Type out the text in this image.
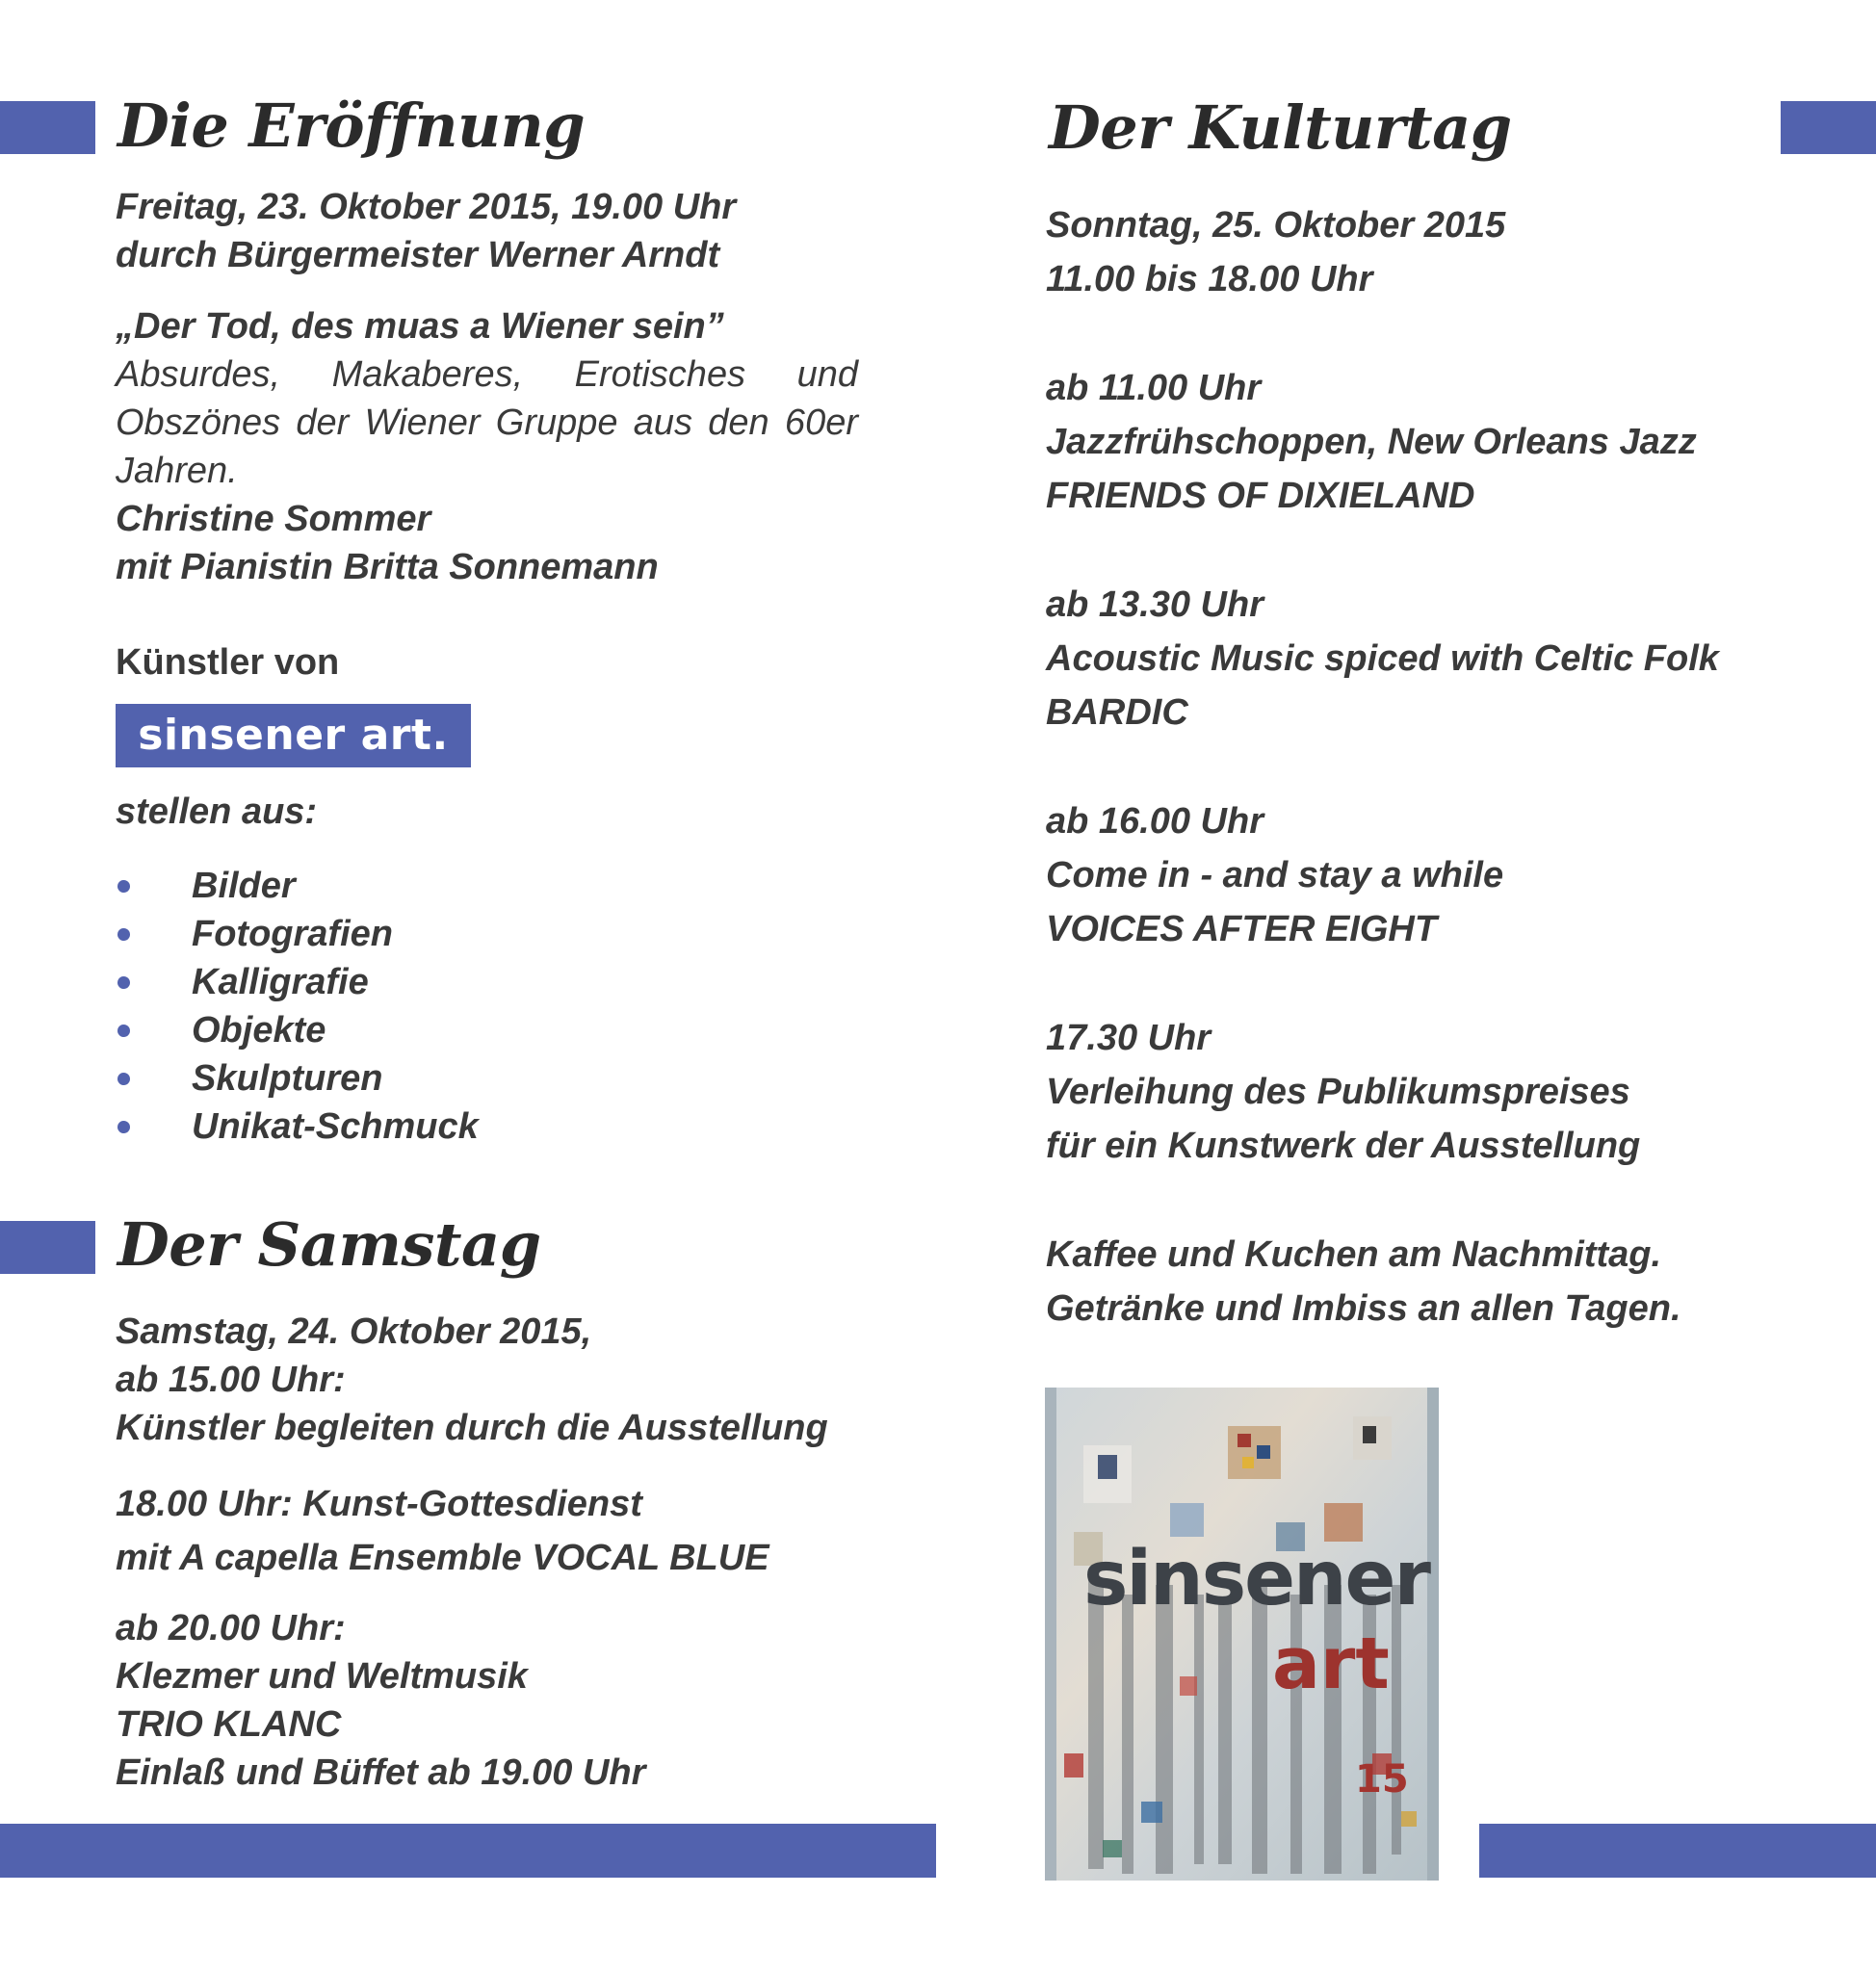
Die Eröffnung
Freitag, 23. Oktober 2015, 19.00 Uhr
durch Bürgermeister Werner Arndt
„Der Tod, des muas a Wiener sein”
Absurdes, Makaberes, Erotisches und Obszönes der Wiener Gruppe aus den 60er Jahren.
Christine Sommer
mit Pianistin Britta Sonnemann
Künstler von
sinsener art.
stellen aus:
Bilder
Fotografien
Kalligrafie
Objekte
Skulpturen
Unikat-Schmuck
Der Samstag
Samstag, 24. Oktober 2015,
ab 15.00 Uhr:
Künstler begleiten durch die Ausstellung
18.00 Uhr: Kunst-Gottesdienst
mit A capella Ensemble VOCAL BLUE
ab 20.00 Uhr:
Klezmer und Weltmusik
TRIO KLANC
Einlaß und Büffet ab 19.00 Uhr
Der Kulturtag
Sonntag, 25. Oktober 2015
11.00 bis 18.00 Uhr
ab 11.00 Uhr
Jazzfrühschoppen, New Orleans Jazz
FRIENDS OF DIXIELAND
ab 13.30 Uhr
Acoustic Music spiced with Celtic Folk
BARDIC
ab 16.00 Uhr
Come in - and stay a while
VOICES AFTER EIGHT
17.30 Uhr
Verleihung des Publikumspreises
für ein Kunstwerk der Ausstellung
Kaffee und Kuchen am Nachmittag.
Getränke und Imbiss an allen Tagen.
sinsener
art
15
